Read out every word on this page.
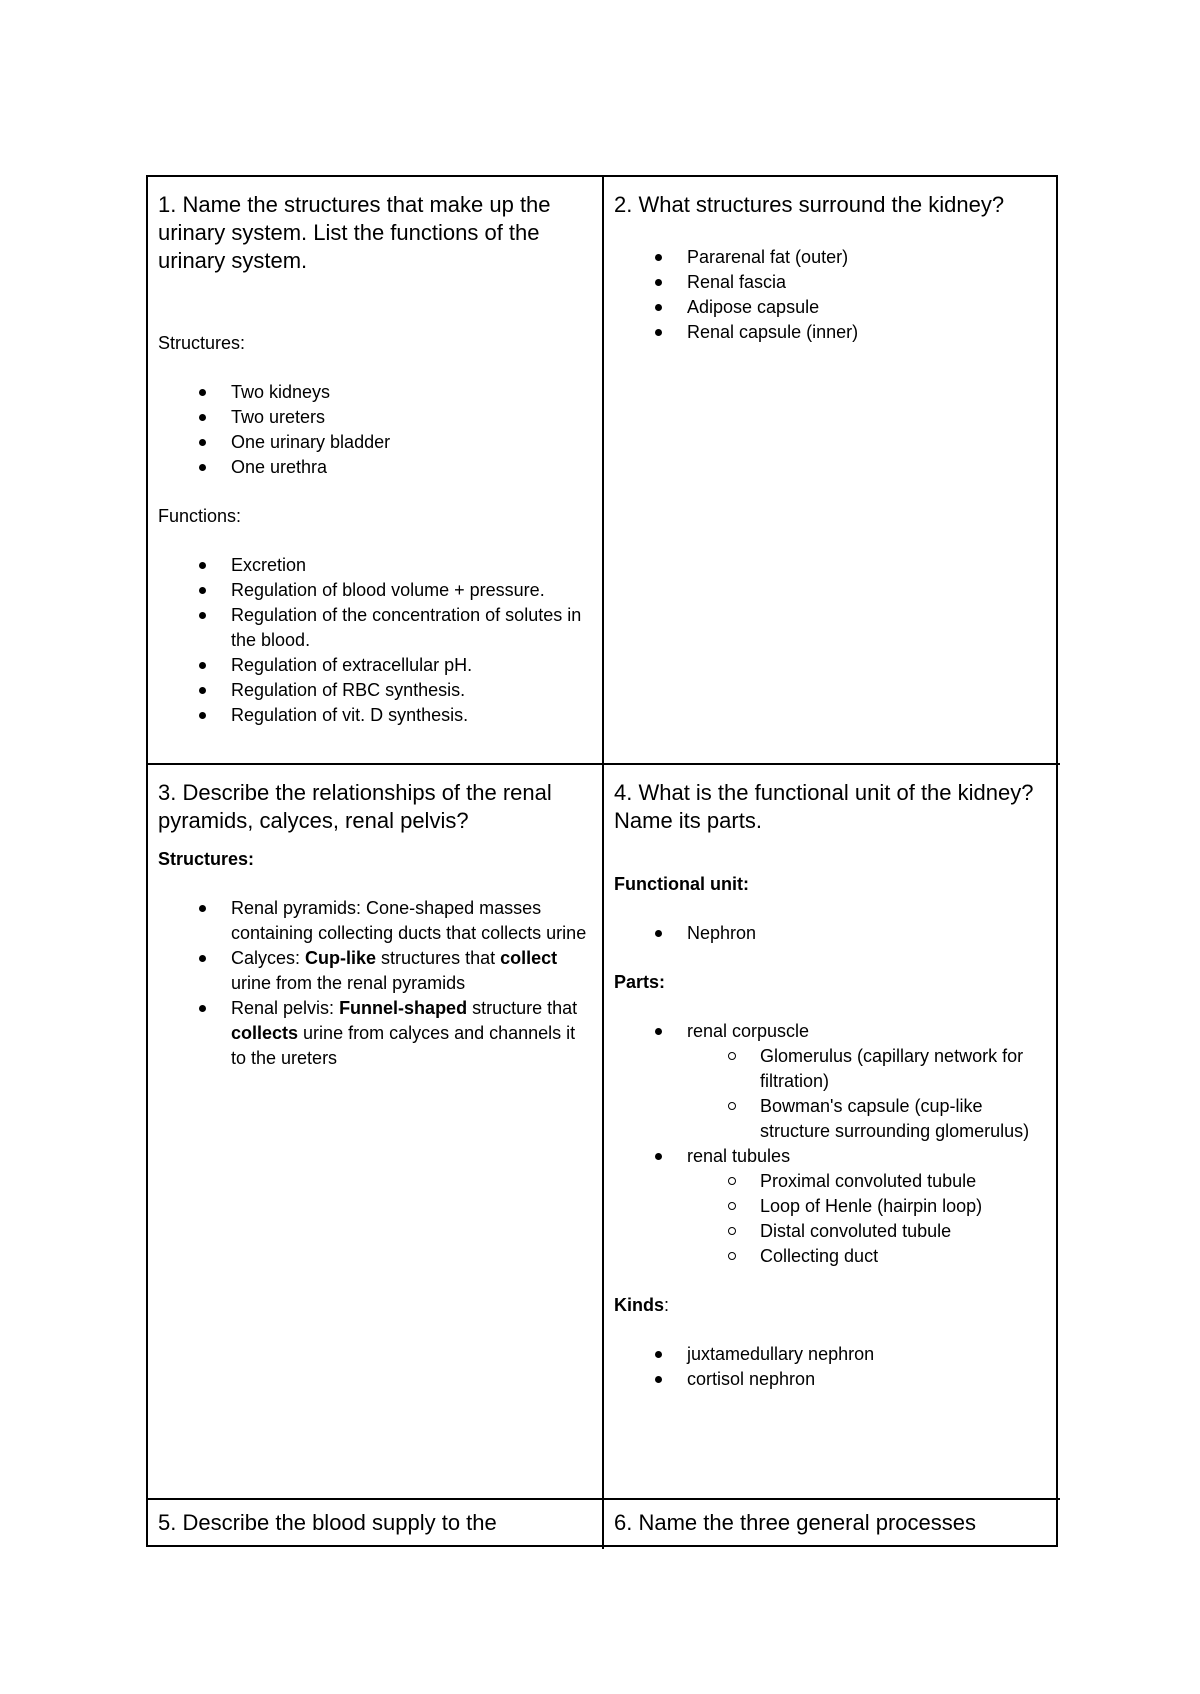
1. Name the structures that make up the urinary system. List the functions of the urinary system.

Structures:

Two kidneys
Two ureters
One urinary bladder
One urethra

Functions:

Excretion
Regulation of blood volume + pressure.
Regulation of the concentration of solutes in the blood.
Regulation of extracellular pH.
Regulation of RBC synthesis.
Regulation of vit. D synthesis.

2. What structures surround the kidney?

Pararenal fat (outer)
Renal fascia
Adipose capsule
Renal capsule (inner)

3. Describe the relationships of the renal pyramids, calyces, renal pelvis?

Structures:

Renal pyramids: Cone-shaped masses containing collecting ducts that collects urine
Calyces: Cup-like structures that collect urine from the renal pyramids
Renal pelvis: Funnel-shaped structure that collects urine from calyces and channels it to the ureters

4. What is the functional unit of the kidney? Name its parts.

Functional unit:

Nephron

Parts:

renal corpuscle
Glomerulus (capillary network for filtration)
Bowman's capsule (cup-like structure surrounding glomerulus)
renal tubules
Proximal convoluted tubule
Loop of Henle (hairpin loop)
Distal convoluted tubule
Collecting duct

Kinds:

juxtamedullary nephron
cortisol nephron

5. Describe the blood supply to the	6. Name the three general processes
